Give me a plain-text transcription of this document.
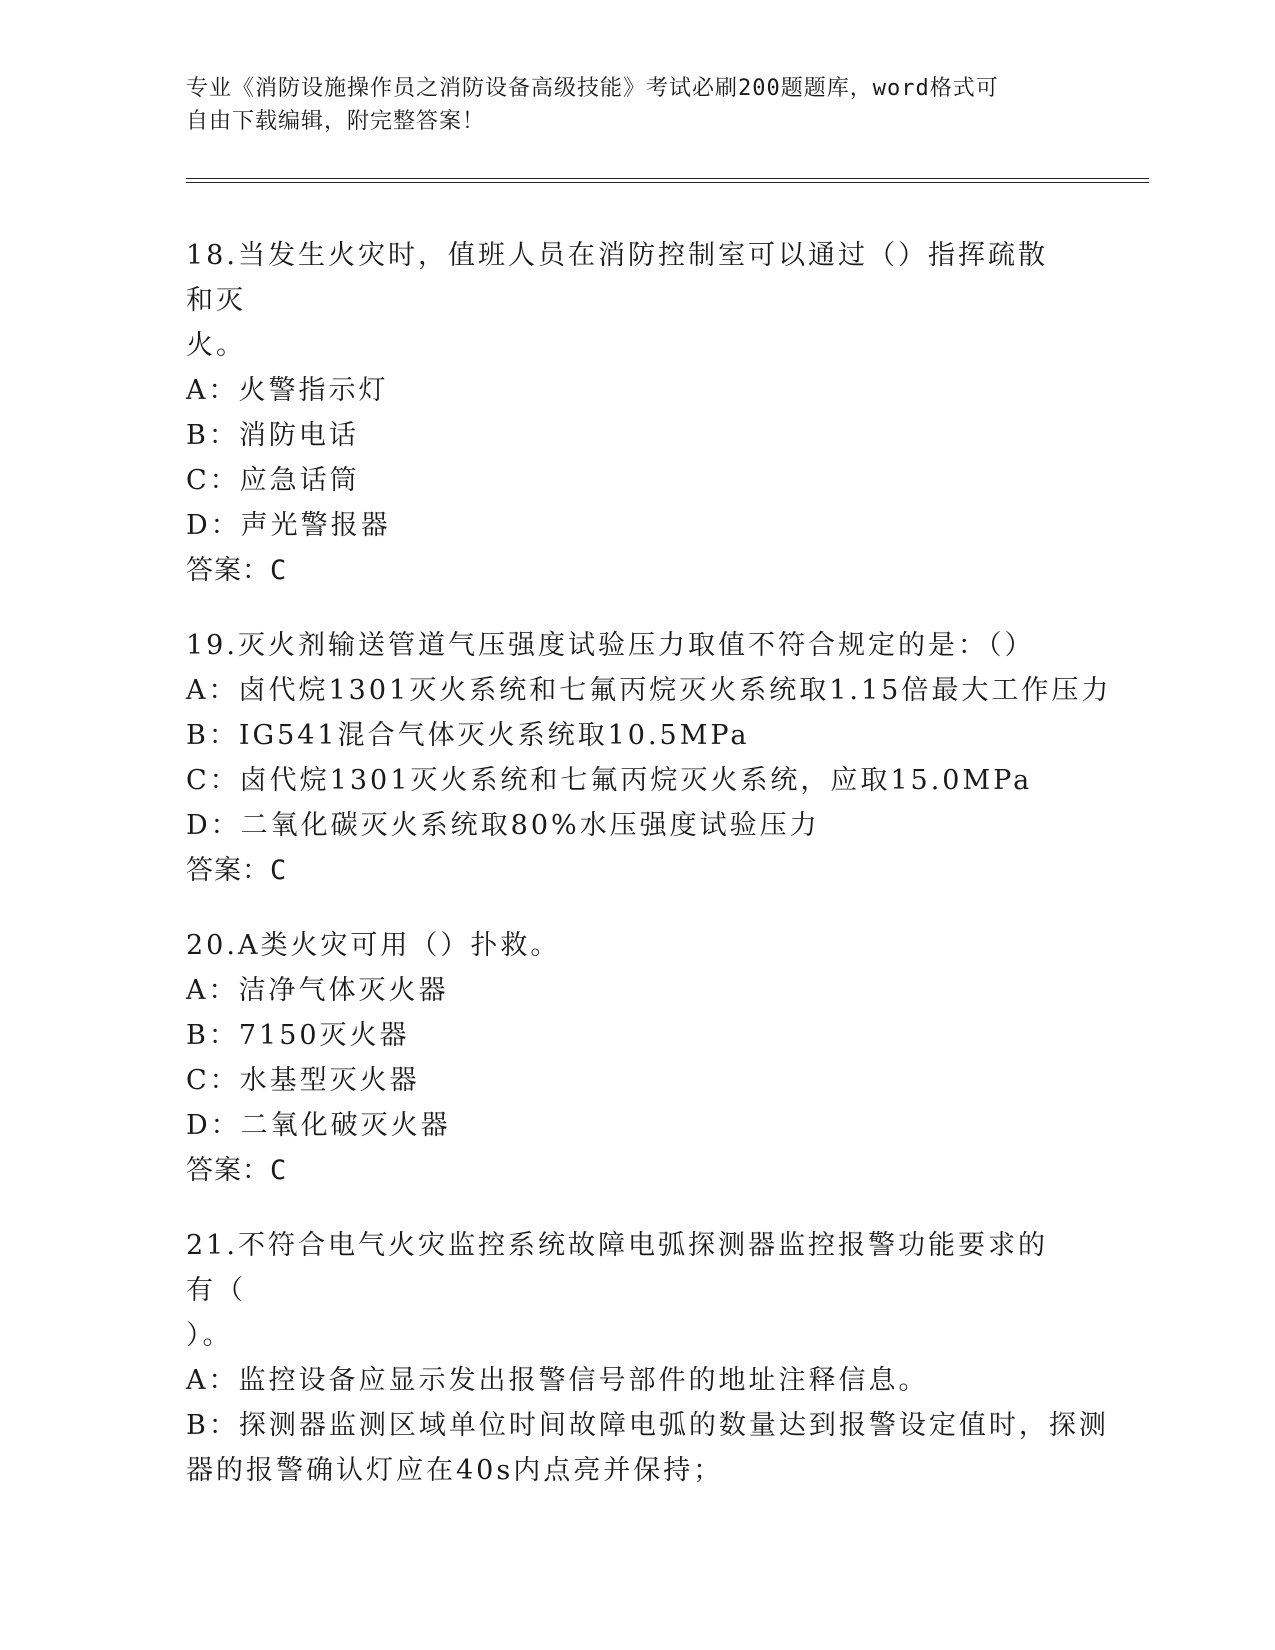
专业《消防设施操作员之消防设备高级技能》考试必刷200题题库，word格式可
自由下载编辑，附完整答案！
18.当发生火灾时，值班人员在消防控制室可以通过（）指挥疏散和灭
火。
A：火警指示灯
B：消防电话
C：应急话筒
D：声光警报器
答案：C
19.灭火剂输送管道气压强度试验压力取值不符合规定的是：（）
A：卤代烷1301灭火系统和七氟丙烷灭火系统取1.15倍最大工作压力
B：IG541混合气体灭火系统取10.5MPa
C：卤代烷1301灭火系统和七氟丙烷灭火系统，应取15.0MPa
D：二氧化碳灭火系统取80%水压强度试验压力
答案：C
20.A类火灾可用（）扑救。
A：洁净气体灭火器
B：7150灭火器
C：水基型灭火器
D：二氧化破灭火器
答案：C
21.不符合电气火灾监控系统故障电弧探测器监控报警功能要求的有（
）。
A：监控设备应显示发出报警信号部件的地址注释信息。
B：探测器监测区域单位时间故障电弧的数量达到报警设定值时，探测
器的报警确认灯应在40s内点亮并保持；
